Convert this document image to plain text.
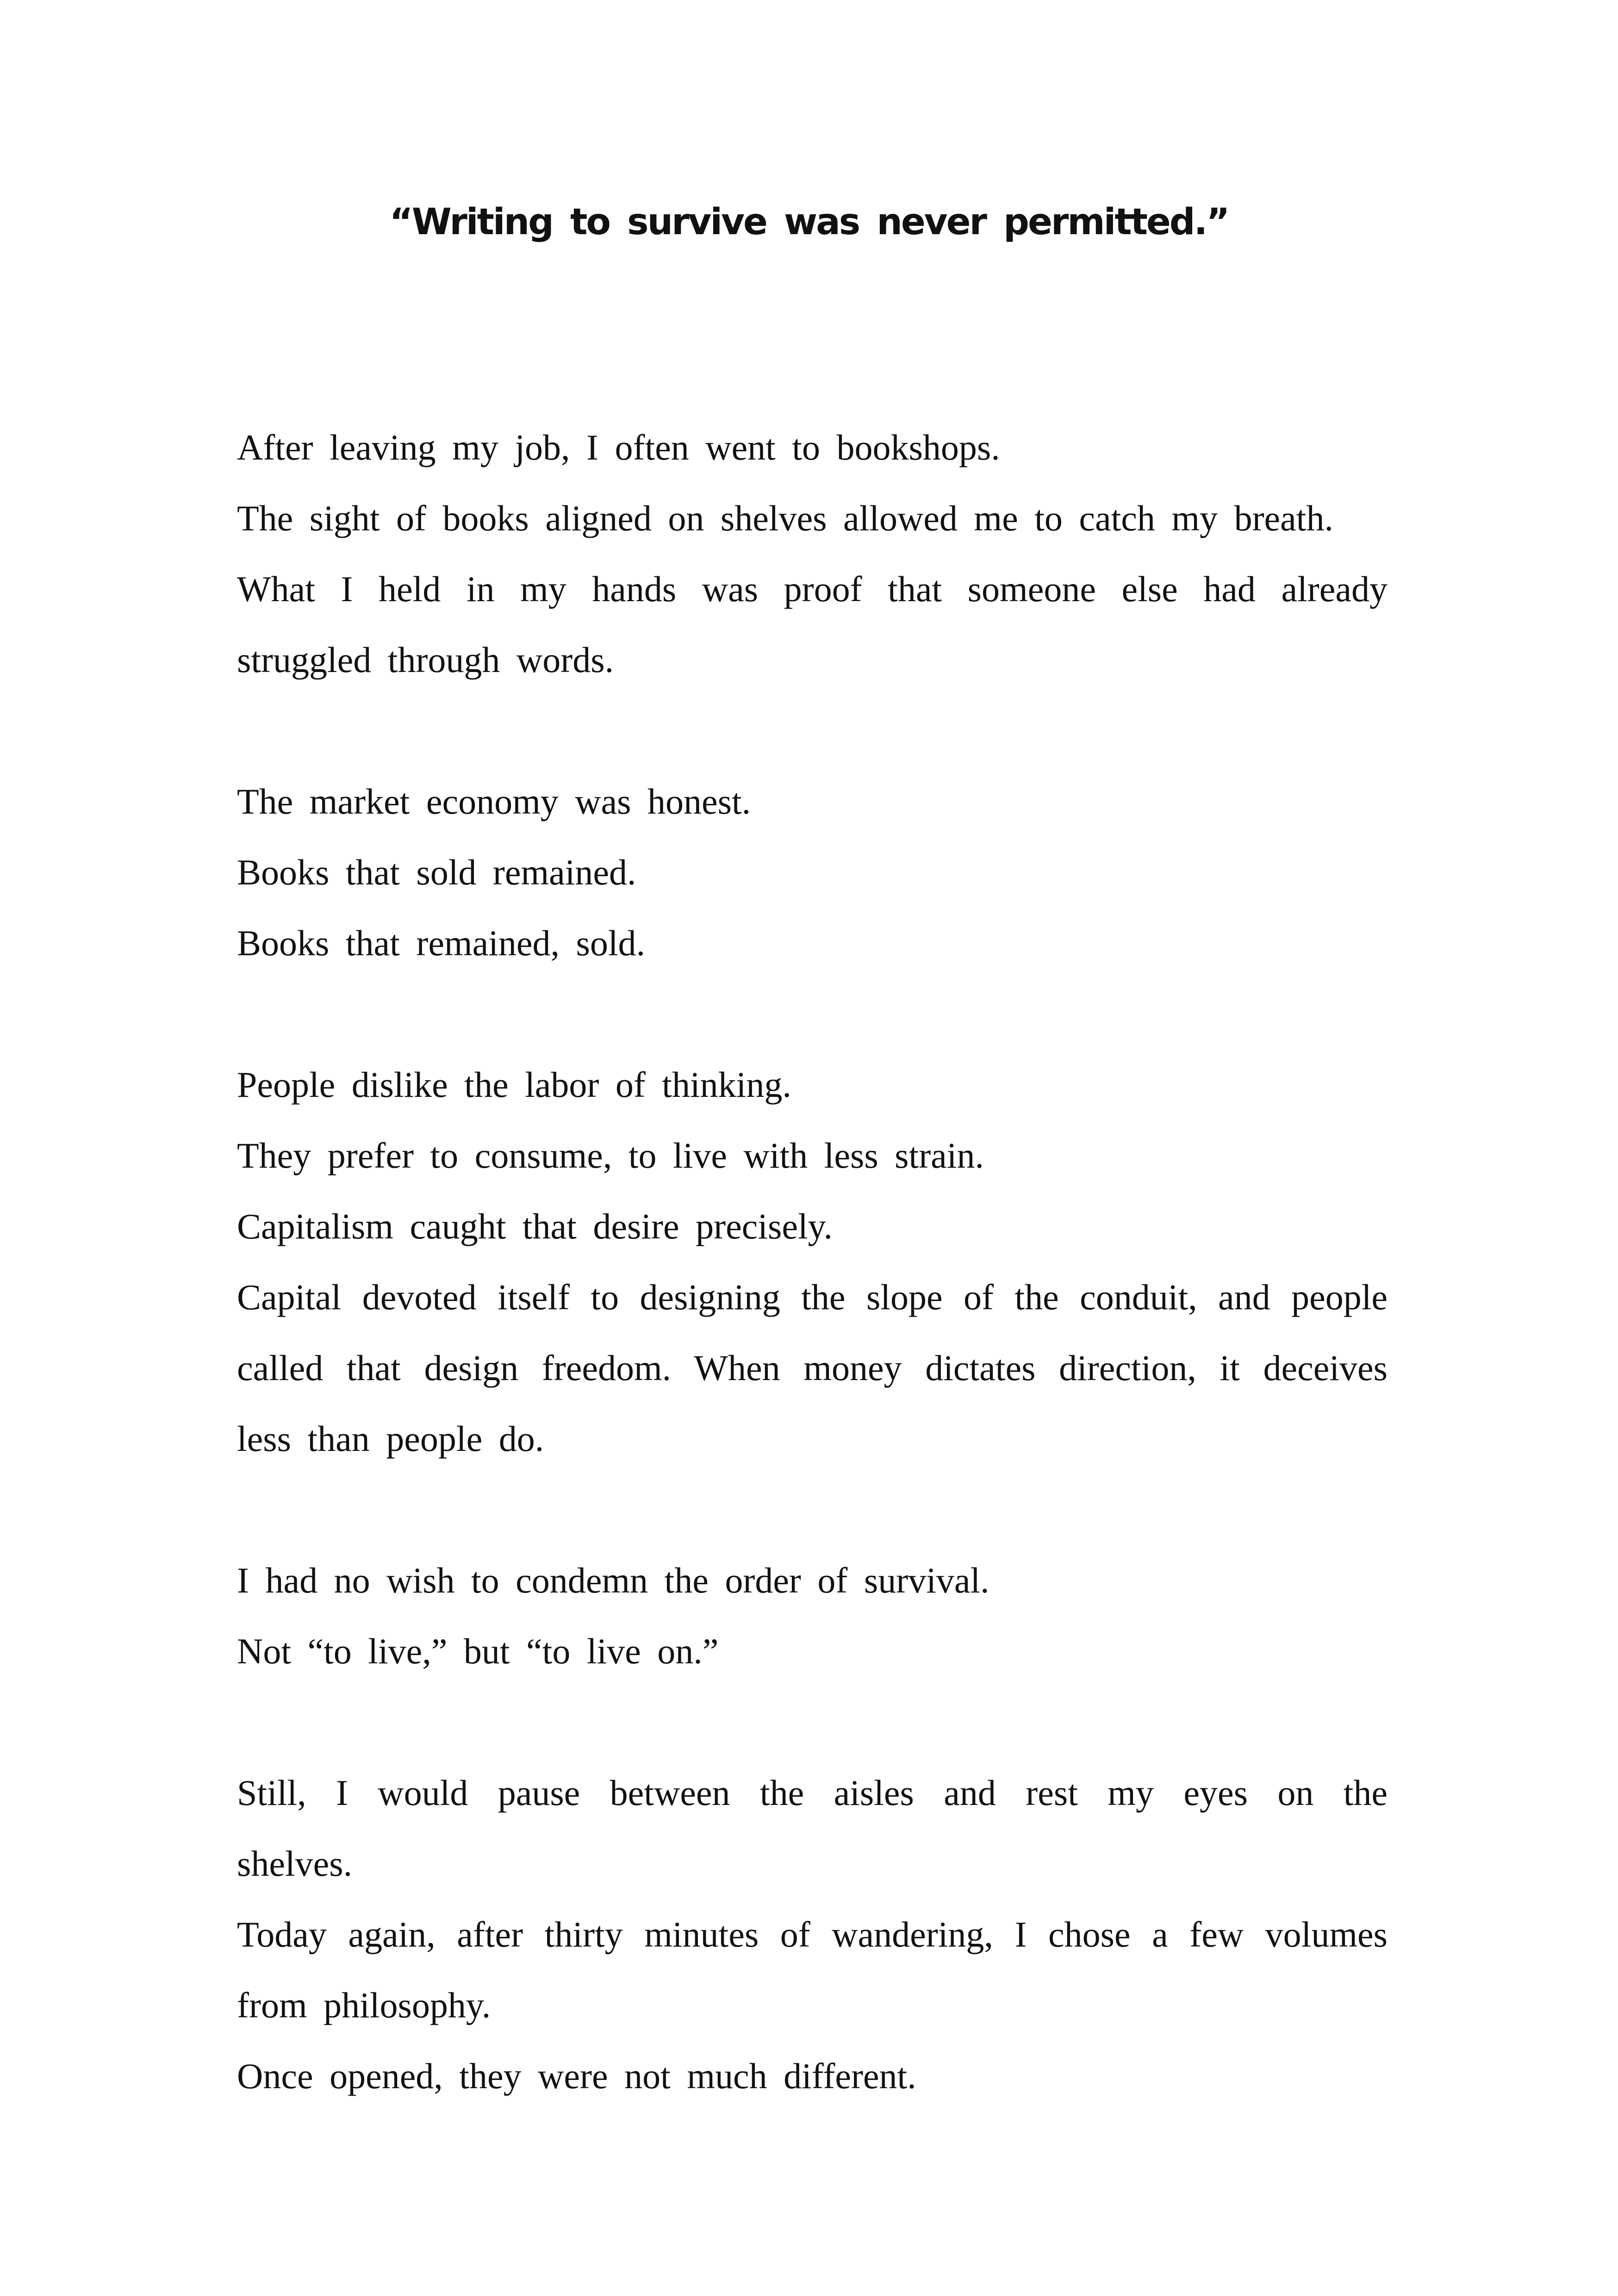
“Writing to survive was never permitted.”

After leaving my job, I often went to bookshops.
The sight of books aligned on shelves allowed me to catch my breath.
What I held in my hands was proof that someone else had already
struggled through words.

The market economy was honest.
Books that sold remained.
Books that remained, sold.

People dislike the labor of thinking.
They prefer to consume, to live with less strain.
Capitalism caught that desire precisely.
Capital devoted itself to designing the slope of the conduit, and people
called that design freedom. When money dictates direction, it deceives
less than people do.

I had no wish to condemn the order of survival.
Not “to live,” but “to live on.”

Still, I would pause between the aisles and rest my eyes on the
shelves.
Today again, after thirty minutes of wandering, I chose a few volumes
from philosophy.
Once opened, they were not much different.
